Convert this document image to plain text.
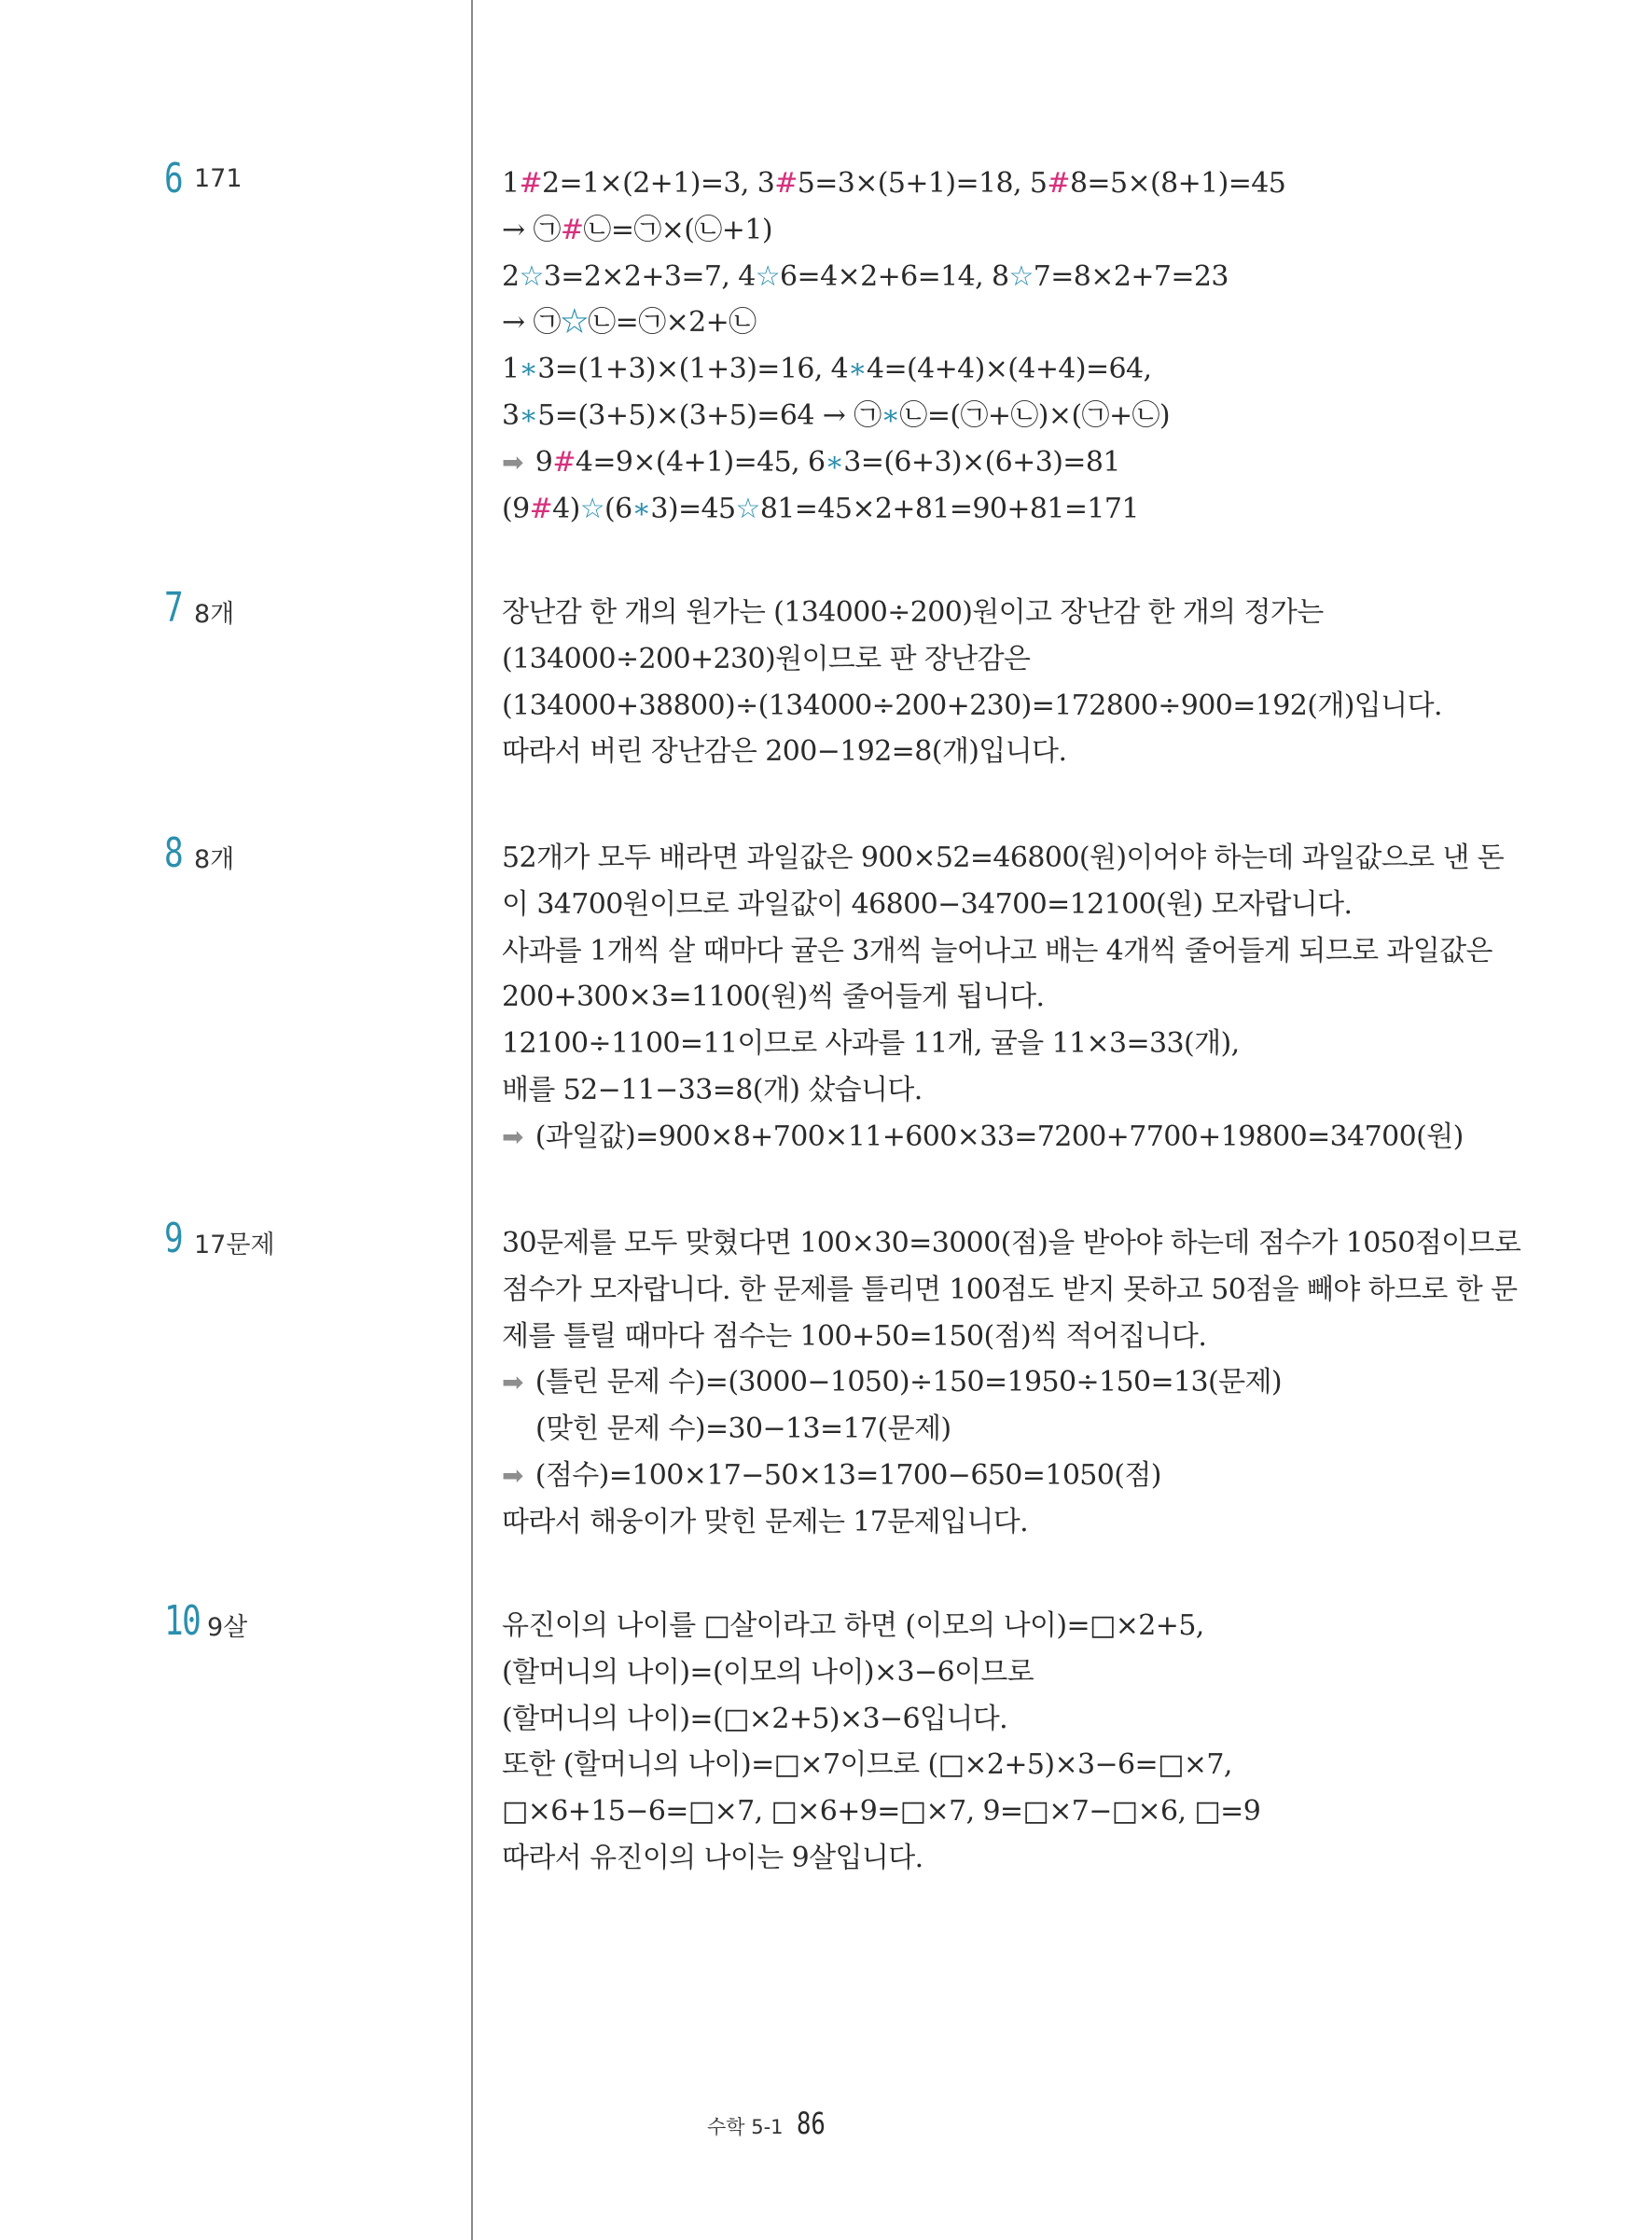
6 171	1#2=1×(2+1)=3, 3#5=3×(5+1)=18, 5#8=5×(8+1)=45
→ ㉠#㉡=㉠×(㉡+1)
2☆3=2×2+3=7, 4☆6=4×2+6=14, 8☆7=8×2+7=23
→ ㉠☆㉡=㉠×2+㉡
1∗3=(1+3)×(1+3)=16, 4∗4=(4+4)×(4+4)=64,
3∗5=(3+5)×(3+5)=64 → ㉠∗㉡=(㉠+㉡)×(㉠+㉡)
➡ 9#4=9×(4+1)=45, 6∗3=(6+3)×(6+3)=81
(9#4)☆(6∗3)=45☆81=45×2+81=90+81=171
7 8개	장난감 한 개의 원가는 (134000÷200)원이고 장난감 한 개의 정가는
(134000÷200+230)원이므로 판 장난감은
(134000+38800)÷(134000÷200+230)=172800÷900=192(개)입니다.
따라서 버린 장난감은 200−192=8(개)입니다.
8 8개	52개가 모두 배라면 과일값은 900×52=46800(원)이어야 하는데 과일값으로 낸 돈
이 34700원이므로 과일값이 46800−34700=12100(원) 모자랍니다.
사과를 1개씩 살 때마다 귤은 3개씩 늘어나고 배는 4개씩 줄어들게 되므로 과일값은
200+300×3=1100(원)씩 줄어들게 됩니다.
12100÷1100=11이므로 사과를 11개, 귤을 11×3=33(개),
배를 52−11−33=8(개) 샀습니다.
➡ (과일값)=900×8+700×11+600×33=7200+7700+19800=34700(원)
9 17문제	30문제를 모두 맞혔다면 100×30=3000(점)을 받아야 하는데 점수가 1050점이므로
점수가 모자랍니다. 한 문제를 틀리면 100점도 받지 못하고 50점을 빼야 하므로 한 문
제를 틀릴 때마다 점수는 100+50=150(점)씩 적어집니다.
➡ (틀린 문제 수)=(3000−1050)÷150=1950÷150=13(문제)
(맞힌 문제 수)=30−13=17(문제)
➡ (점수)=100×17−50×13=1700−650=1050(점)
따라서 해웅이가 맞힌 문제는 17문제입니다.
10 9살	유진이의 나이를 □살이라고 하면 (이모의 나이)=□×2+5,
(할머니의 나이)=(이모의 나이)×3−6이므로
(할머니의 나이)=(□×2+5)×3−6입니다.
또한 (할머니의 나이)=□×7이므로 (□×2+5)×3−6=□×7,
□×6+15−6=□×7, □×6+9=□×7, 9=□×7−□×6, □=9
따라서 유진이의 나이는 9살입니다.
수학 5-1 86
